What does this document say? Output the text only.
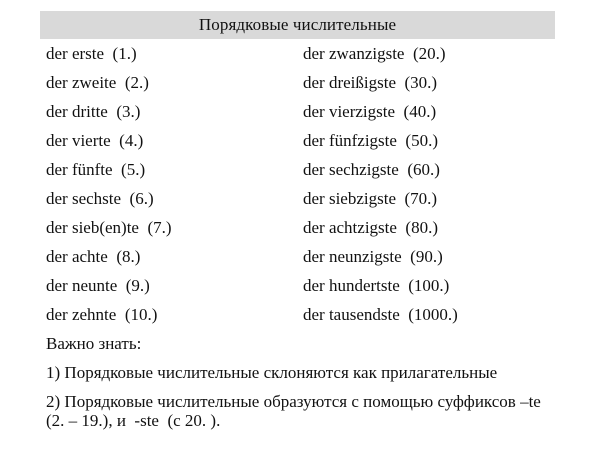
Порядковые числительные
der erste  (1.)	der zwanzigste  (20.)
der zweite  (2.)	der dreißigste  (30.)
der dritte  (3.)	der vierzigste  (40.)
der vierte  (4.)	der fünfzigste  (50.)
der fünfte  (5.)	der sechzigste  (60.)
der sechste  (6.)	der siebzigste  (70.)
der sieb(en)te  (7.)	der achtzigste  (80.)
der achte  (8.)	der neunzigste  (90.)
der neunte  (9.)	der hundertste  (100.)
der zehnte  (10.)	der tausendste  (1000.)
Важно знать:
1) Порядковые числительные склоняются как прилагательные
2) Порядковые числительные образуются с помощью суффиксов –te  (2. – 19.), и  -ste  (с 20. ).
